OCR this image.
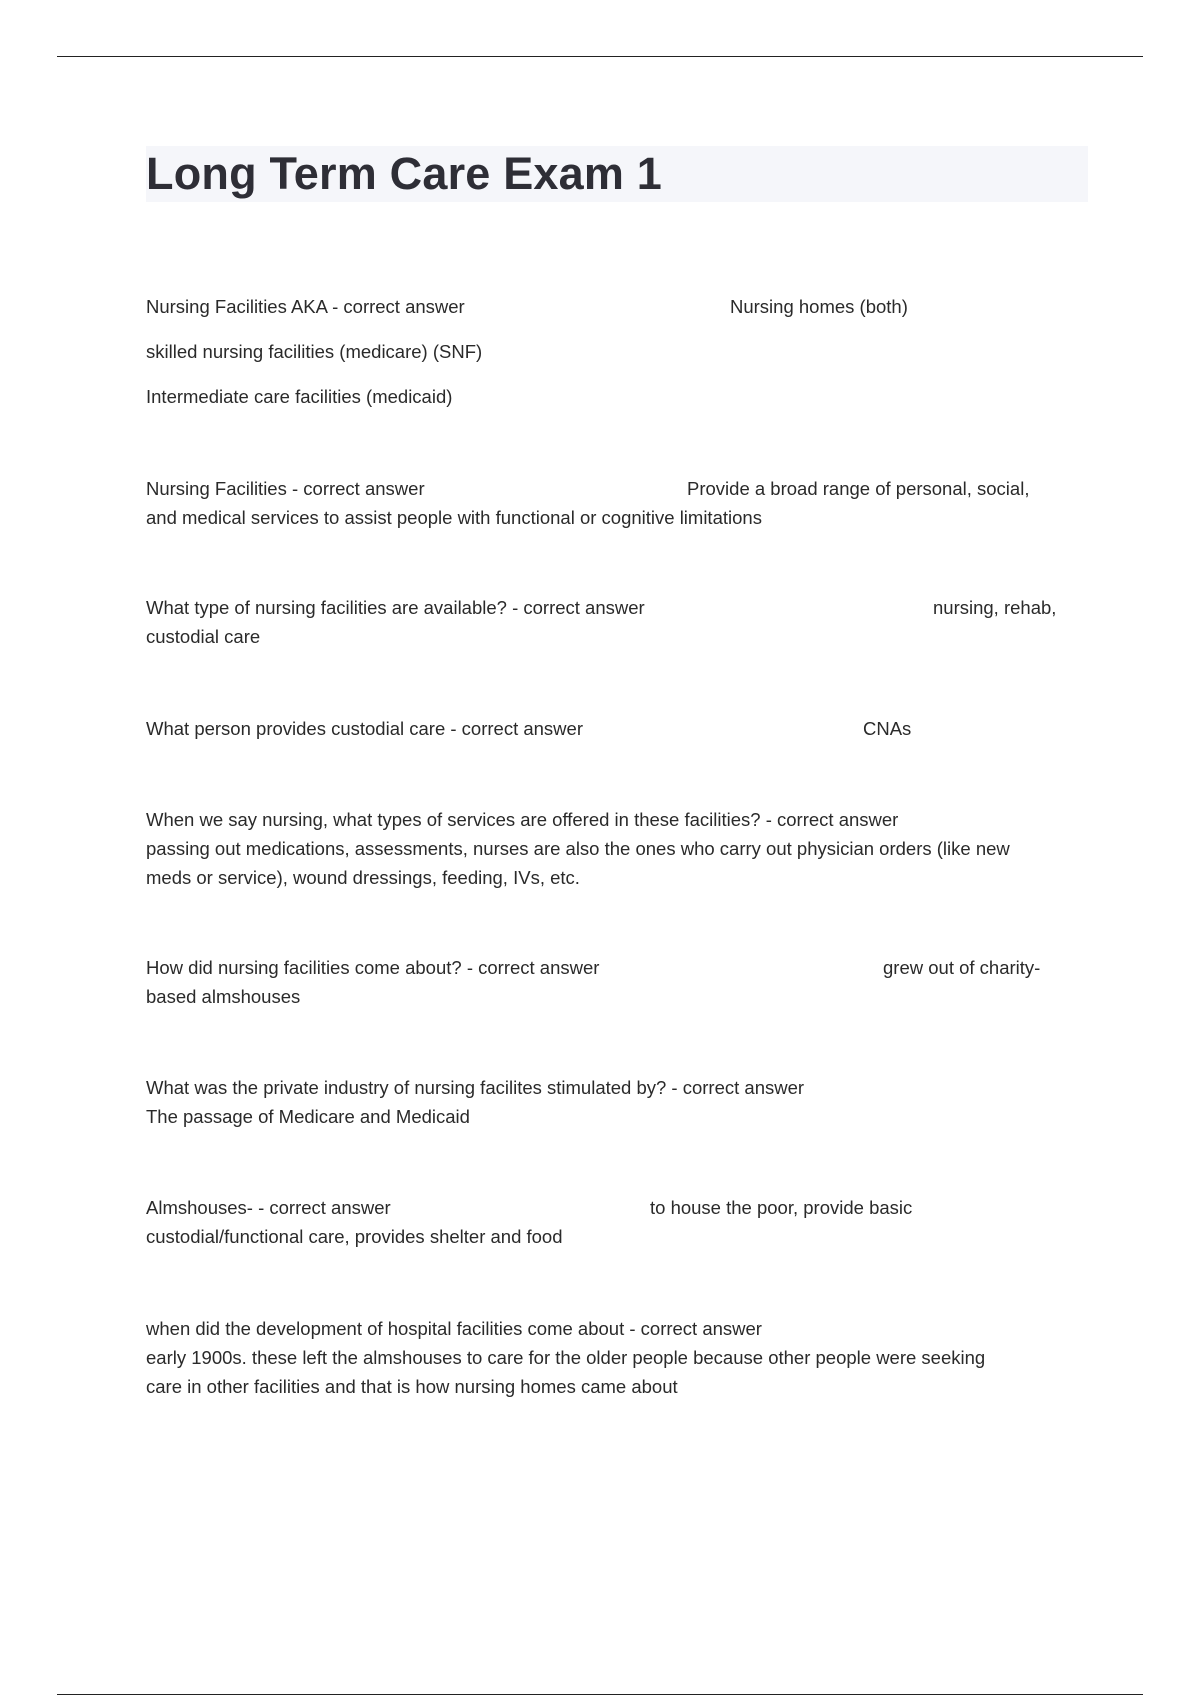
Long Term Care Exam 1
Nursing Facilities AKA - correct answer	Nursing homes (both)
skilled nursing facilities (medicare) (SNF)
Intermediate care facilities (medicaid)
Nursing Facilities - correct answer	Provide a broad range of personal, social,
and medical services to assist people with functional or cognitive limitations
What type of nursing facilities are available? - correct answer	nursing, rehab,
custodial care
What person provides custodial care - correct answer	CNAs
When we say nursing, what types of services are offered in these facilities? - correct answer
passing out medications, assessments, nurses are also the ones who carry out physician orders (like new
meds or service), wound dressings, feeding, IVs, etc.
How did nursing facilities come about? - correct answer	grew out of charity-
based almshouses
What was the private industry of nursing facilites stimulated by? - correct answer
The passage of Medicare and Medicaid
Almshouses- - correct answer	to house the poor, provide basic
custodial/functional care, provides shelter and food
when did the development of hospital facilities come about - correct answer
early 1900s. these left the almshouses to care for the older people because other people were seeking
care in other facilities and that is how nursing homes came about
